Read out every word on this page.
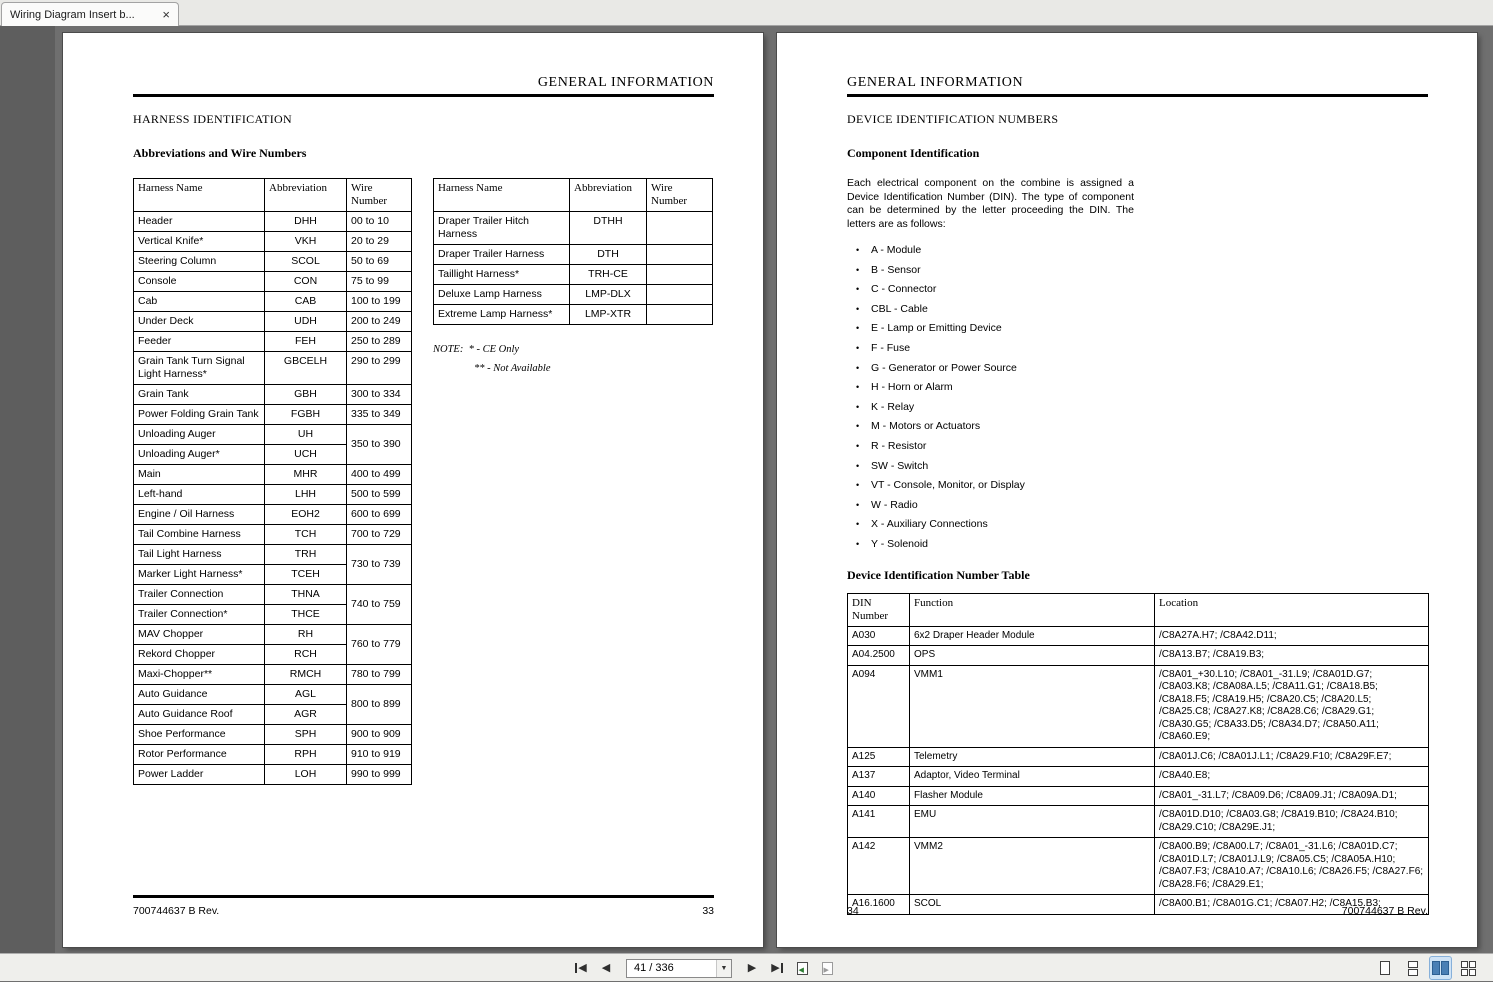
Wiring Diagram Insert b...	×
GENERAL INFORMATION
HARNESS IDENTIFICATION
Abbreviations and Wire Numbers
Harness Name	Abbreviation	Wire Number
Header	DHH	00 to 10
Vertical Knife*	VKH	20 to 29
Steering Column	SCOL	50 to 69
Console	CON	75 to 99
Cab	CAB	100 to 199
Under Deck	UDH	200 to 249
Feeder	FEH	250 to 289
Grain Tank Turn Signal Light Harness*	GBCELH	290 to 299
Grain Tank	GBH	300 to 334
Power Folding Grain Tank	FGBH	335 to 349
Unloading Auger	UH	350 to 390
Unloading Auger*	UCH	
Main	MHR	400 to 499
Left-hand	LHH	500 to 599
Engine / Oil Harness	EOH2	600 to 699
Tail Combine Harness	TCH	700 to 729
Tail Light Harness	TRH	730 to 739
Marker Light Harness*	TCEH	
Trailer Connection	THNA	740 to 759
Trailer Connection*	THCE	
MAV Chopper	RH	760 to 779
Rekord Chopper	RCH	
Maxi-Chopper**	RMCH	780 to 799
Auto Guidance	AGL	800 to 899
Auto Guidance Roof	AGR	
Shoe Performance	SPH	900 to 909
Rotor Performance	RPH	910 to 919
Power Ladder	LOH	990 to 999
Harness Name	Abbreviation	Wire Number
Draper Trailer Hitch Harness	DTHH	
Draper Trailer Harness	DTH	
Taillight Harness*	TRH-CE	
Deluxe Lamp Harness	LMP-DLX	
Extreme Lamp Harness*	LMP-XTR	
NOTE: * - CE Only
** - Not Available
700744637 B Rev.	33
GENERAL INFORMATION
DEVICE IDENTIFICATION NUMBERS
Component Identification
Each electrical component on the combine is assigned a Device Identification Number (DIN). The type of component can be determined by the letter proceeding the DIN. The letters are as follows:
•	A - Module
•	B - Sensor
•	C - Connector
•	CBL - Cable
•	E - Lamp or Emitting Device
•	F - Fuse
•	G - Generator or Power Source
•	H - Horn or Alarm
•	K - Relay
•	M - Motors or Actuators
•	R - Resistor
•	SW - Switch
•	VT - Console, Monitor, or Display
•	W - Radio
•	X - Auxiliary Connections
•	Y - Solenoid
Device Identification Number Table
DIN Number	Function	Location
A030	6x2 Draper Header Module	/C8A27A.H7; /C8A42.D11;
A04.2500	OPS	/C8A13.B7; /C8A19.B3;
A094	VMM1	/C8A01_+30.L10; /C8A01_-31.L9; /C8A01D.G7; /C8A03.K8; /C8A08A.L5; /C8A11.G1; /C8A18.B5; /C8A18.F5; /C8A19.H5; /C8A20.C5; /C8A20.L5; /C8A25.C8; /C8A27.K8; /C8A28.C6; /C8A29.G1; /C8A30.G5; /C8A33.D5; /C8A34.D7; /C8A50.A11; /C8A60.E9;
A125	Telemetry	/C8A01J.C6; /C8A01J.L1; /C8A29.F10; /C8A29F.E7;
A137	Adaptor, Video Terminal	/C8A40.E8;
A140	Flasher Module	/C8A01_-31.L7; /C8A09.D6; /C8A09.J1; /C8A09A.D1;
A141	EMU	/C8A01D.D10; /C8A03.G8; /C8A19.B10; /C8A24.B10; /C8A29.C10; /C8A29E.J1;
A142	VMM2	/C8A00.B9; /C8A00.L7; /C8A01_-31.L6; /C8A01D.C7; /C8A01D.L7; /C8A01J.L9; /C8A05.C5; /C8A05A.H10; /C8A07.F3; /C8A10.A7; /C8A10.L6; /C8A26.F5; /C8A27.F6; /C8A28.F6; /C8A29.E1;
A16.1600	SCOL	/C8A00.B1; /C8A01G.C1; /C8A07.H2; /C8A15.B3;
34	700744637 B Rev.
◀ ◀	41 / 336	▼	▶ ▶	◀	▶
